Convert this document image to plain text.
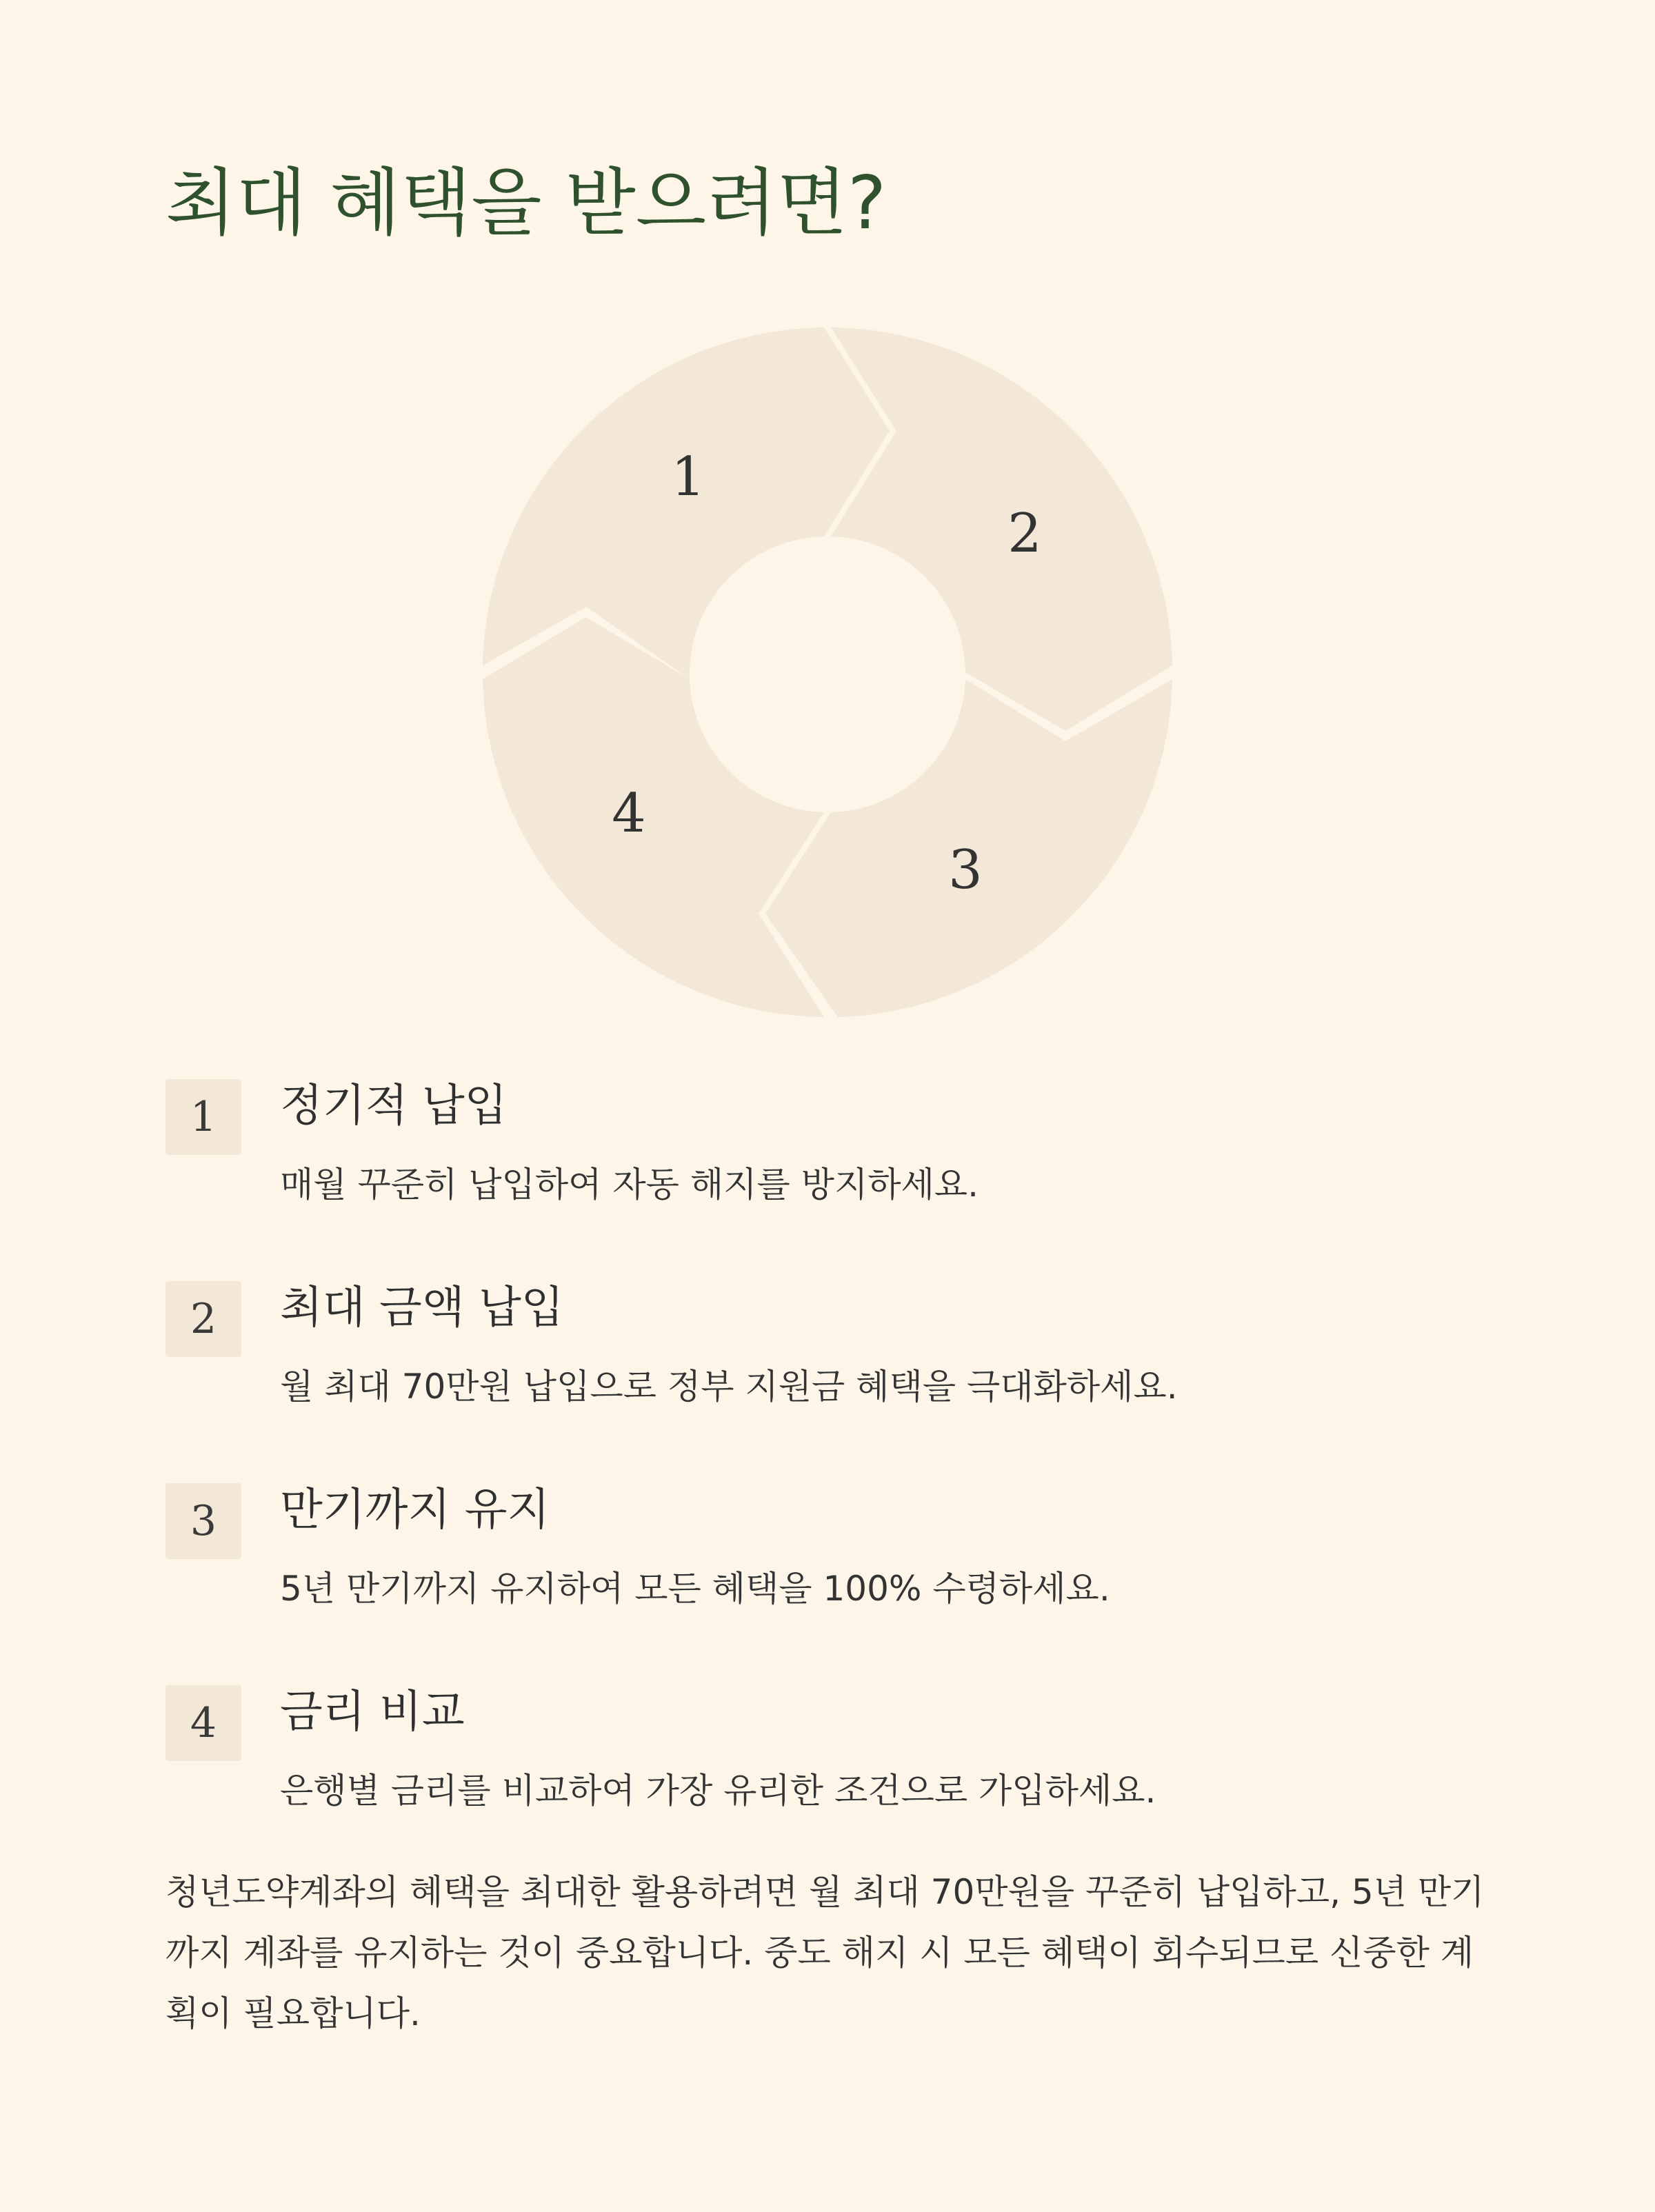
최대 혜택을 받으려면?
1
2
3
4
1	정기적 납입
매월 꾸준히 납입하여 자동 해지를 방지하세요.
2	최대 금액 납입
월 최대 70만원 납입으로 정부 지원금 혜택을 극대화하세요.
3	만기까지 유지
5년 만기까지 유지하여 모든 혜택을 100% 수령하세요.
4	금리 비교
은행별 금리를 비교하여 가장 유리한 조건으로 가입하세요.
청년도약계좌의 혜택을 최대한 활용하려면 월 최대 70만원을 꾸준히 납입하고, 5년 만기까지 계좌를 유지하는 것이 중요합니다. 중도 해지 시 모든 혜택이 회수되므로 신중한 계획이 필요합니다.
